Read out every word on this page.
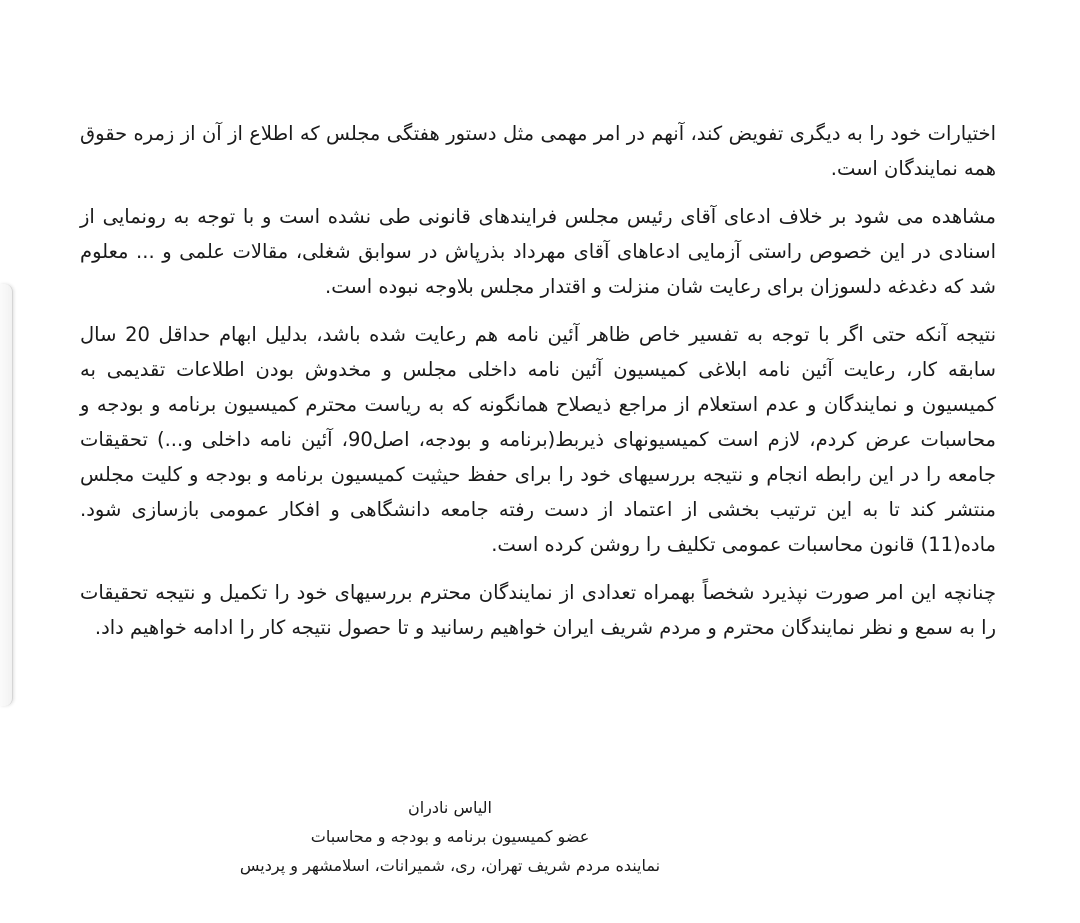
اختیارات خود را به دیگری تفویض کند، آنهم در امر مهمی مثل دستور هفتگی مجلس که اطلاع از آن از زمره حقوق همه نمایندگان است.

مشاهده می شود بر خلاف ادعای آقای رئیس مجلس فرایندهای قانونی طی نشده است و با توجه به رونمایی از اسنادی در این خصوص راستی آزمایی ادعاهای آقای مهرداد بذرپاش در سوابق شغلی، مقالات علمی و ... معلوم شد که دغدغه دلسوزان برای رعایت شان منزلت و اقتدار مجلس بلاوجه نبوده است.

نتیجه آنکه حتی اگر با توجه به تفسیر خاص ظاهر آئین نامه هم رعایت شده باشد، بدلیل ابهام حداقل 20 سال سابقه کار، رعایت آئین نامه ابلاغی کمیسیون آئین نامه داخلی مجلس و مخدوش بودن اطلاعات تقدیمی به کمیسیون و نمایندگان و عدم استعلام از مراجع ذیصلاح همانگونه که به ریاست محترم کمیسیون برنامه و بودجه و محاسبات عرض کردم، لازم است کمیسیونهای ذیربط(برنامه و بودجه، اصل90، آئین نامه داخلی و...) تحقیقات جامعه را در این رابطه انجام و نتیجه بررسیهای خود را برای حفظ حیثیت کمیسیون برنامه و بودجه و کلیت مجلس منتشر کند تا به این ترتیب بخشی از اعتماد از دست رفته جامعه دانشگاهی و افکار عمومی بازسازی شود. ماده(11) قانون محاسبات عمومی تکلیف را روشن کرده است.

چنانچه این امر صورت نپذیرد شخصاً بهمراه تعدادی از نمایندگان محترم بررسیهای خود را تکمیل و نتیجه تحقیقات را به سمع و نظر نمایندگان محترم و مردم شریف ایران خواهیم رسانید و تا حصول نتیجه کار را ادامه خواهیم داد.

الیاس نادران
عضو کمیسیون برنامه و بودجه و محاسبات
نماینده مردم شریف تهران، ری، شمیرانات، اسلامشهر و پردیس
